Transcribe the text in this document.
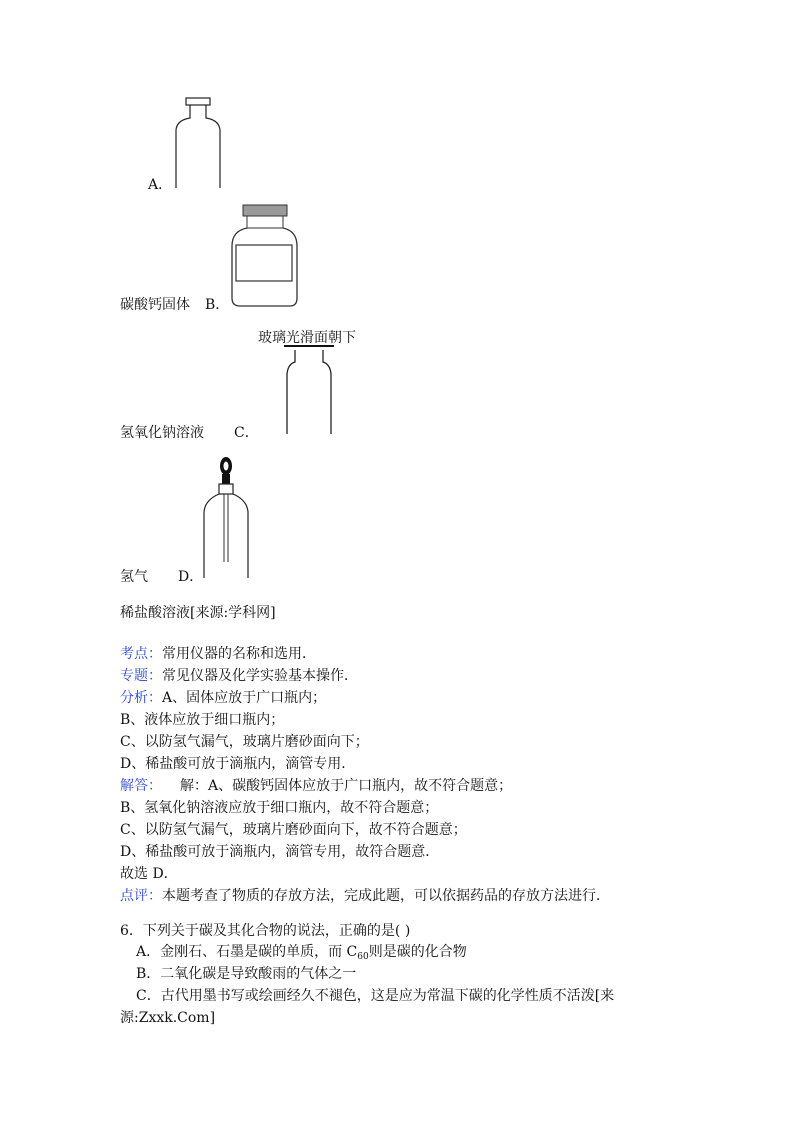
A．
碳酸钙固体 B．
玻璃光滑面朝下
氢氧化钠溶液 C．
氢气 D．
稀盐酸溶液[来源:学科网]
考点：常用仪器的名称和选用．
专题：常见仪器及化学实验基本操作．
分析：A、固体应放于广口瓶内；
B、液体应放于细口瓶内；
C、以防氢气漏气，玻璃片磨砂面向下；
D、稀盐酸可放于滴瓶内，滴管专用．
解答： 解：A、碳酸钙固体应放于广口瓶内，故不符合题意；
B、氢氧化钠溶液应放于细口瓶内，故不符合题意；
C、以防氢气漏气，玻璃片磨砂面向下，故不符合题意；
D、稀盐酸可放于滴瓶内，滴管专用，故符合题意．
故选 D．
点评：本题考查了物质的存放方法，完成此题，可以依据药品的存放方法进行．
6．下列关于碳及其化合物的说法，正确的是( )
A．金刚石、石墨是碳的单质，而 $C_{60}$则是碳的化合物
B．二氧化碳是导致酸雨的气体之一
C．古代用墨书写或绘画经久不褪色，这是应为常温下碳的化学性质不活泼[来
源:Zxxk.Com]
